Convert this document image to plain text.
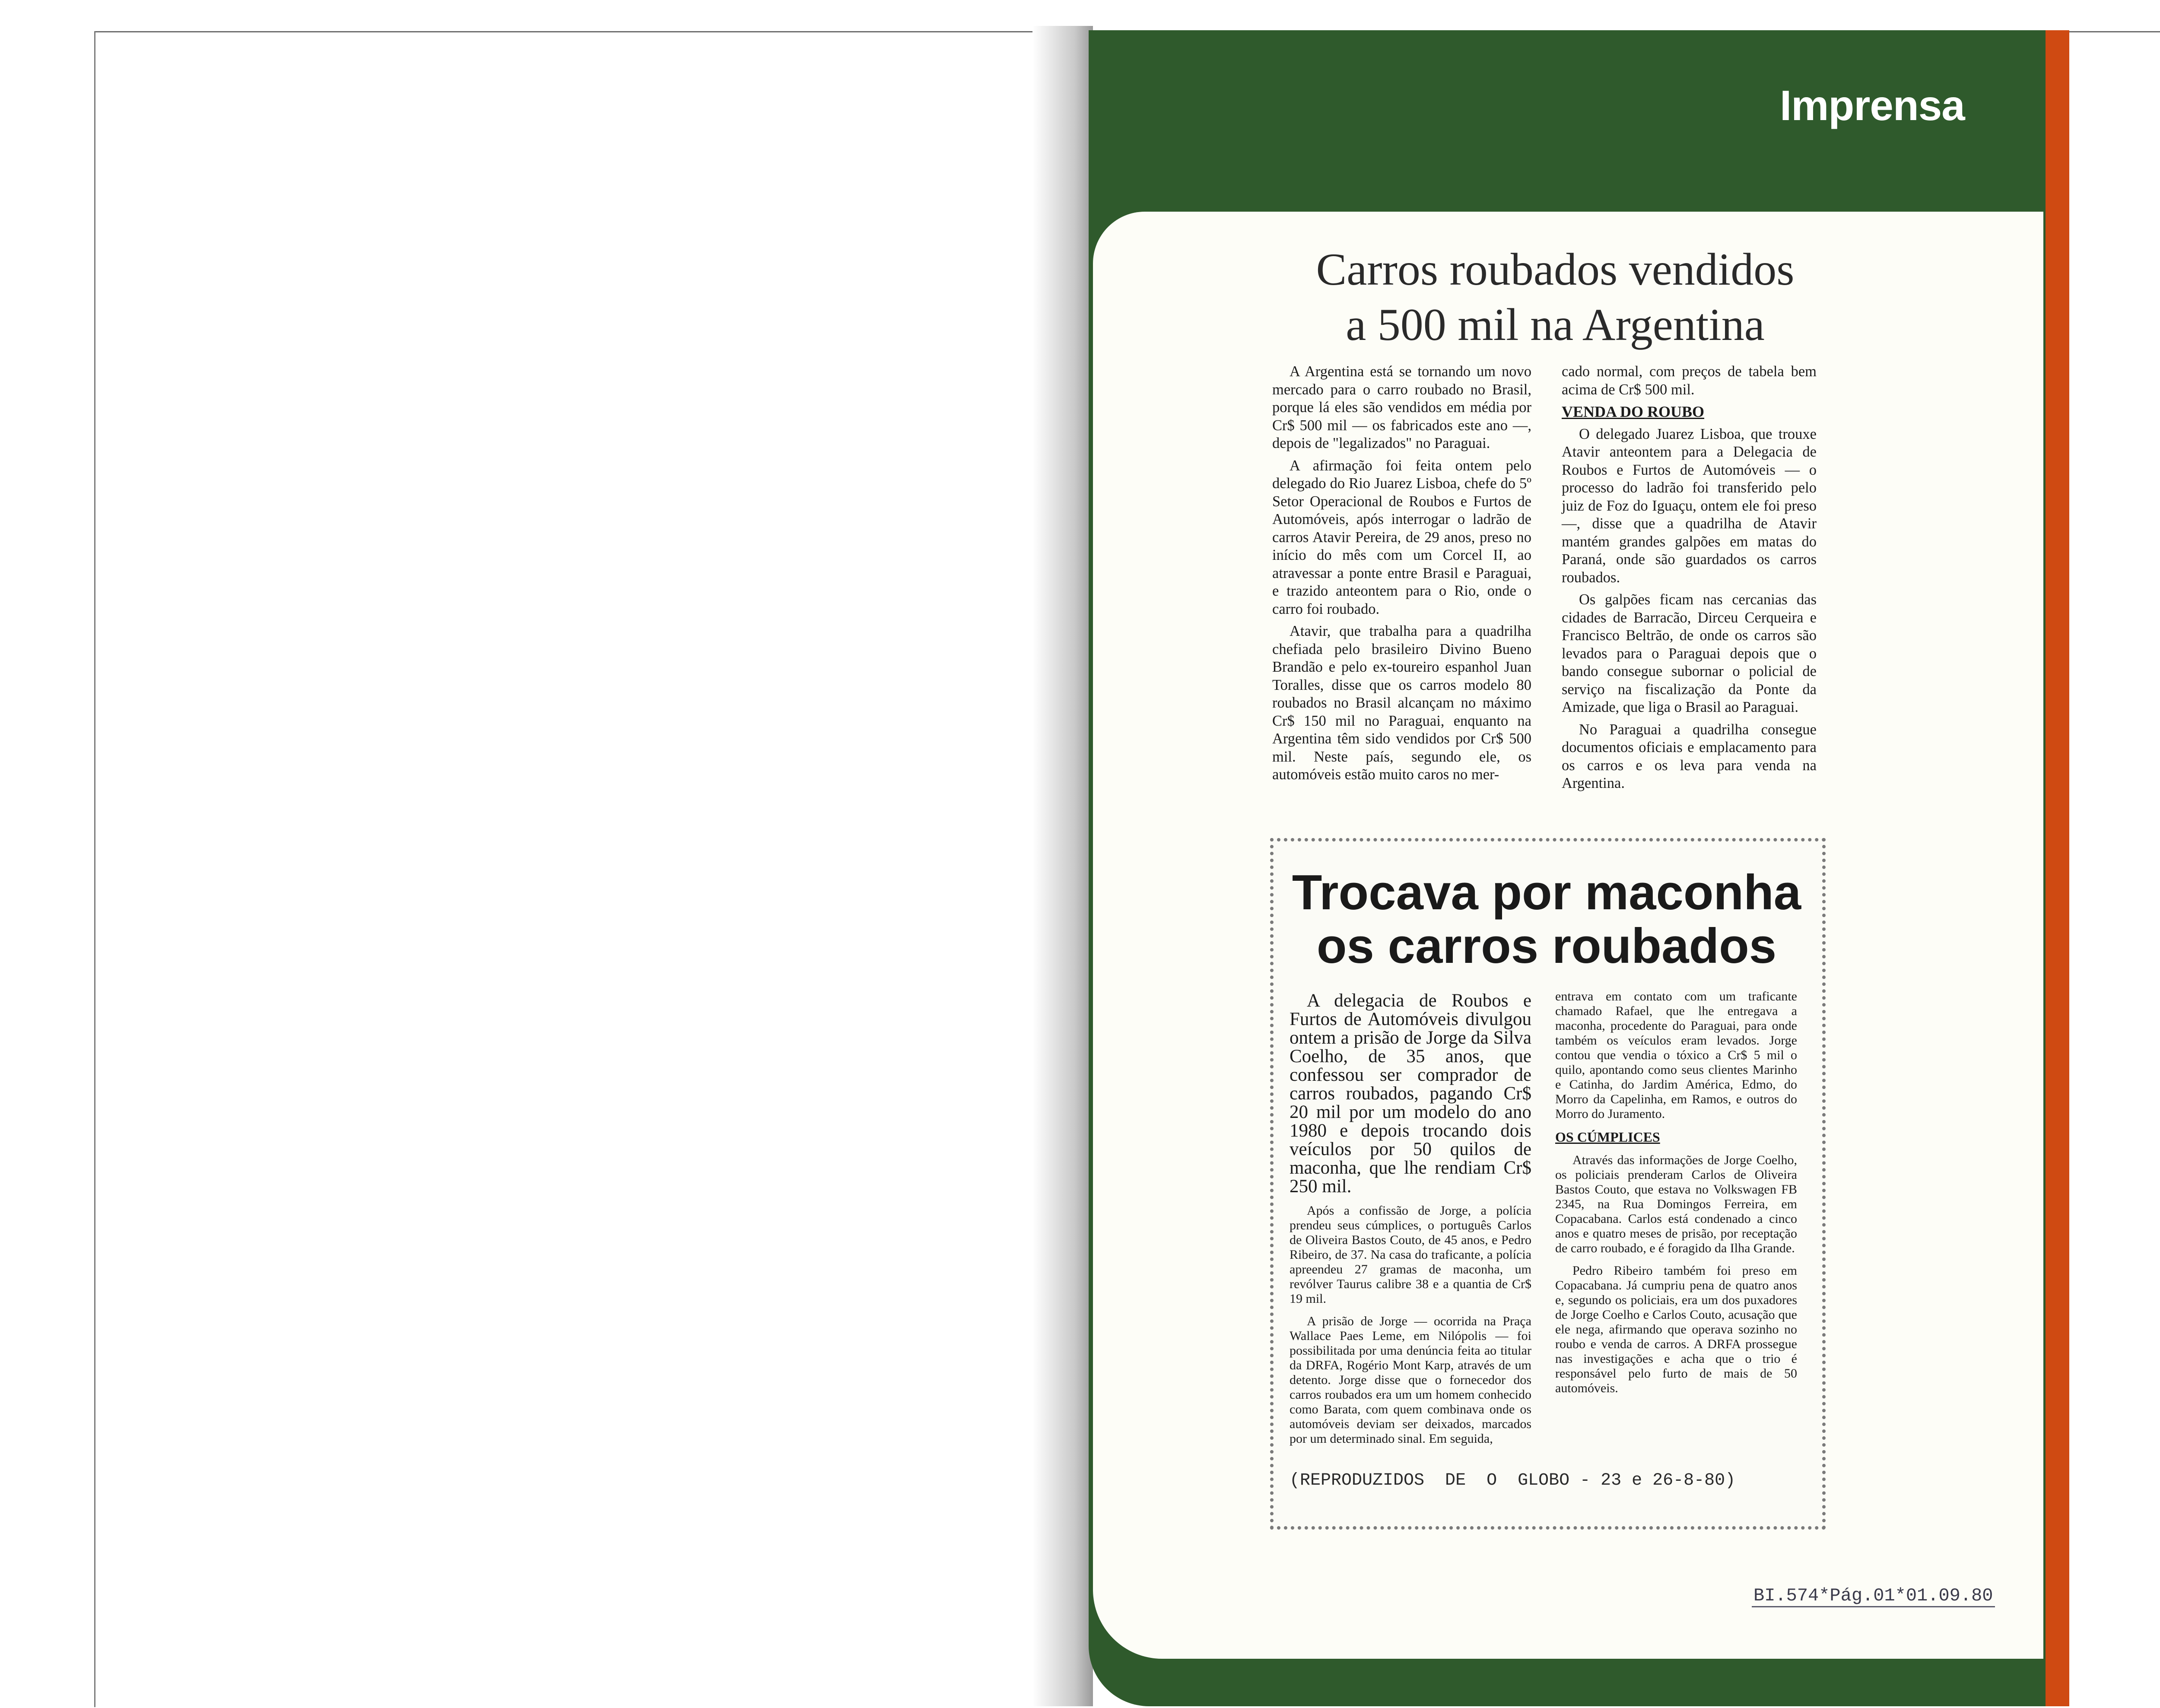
Imprensa
Carros roubados vendidos
a 500 mil na Argentina

A Argentina está se tornando um novo mercado para o carro roubado no Brasil, porque lá eles são vendidos em média por Cr$ 500 mil — os fabricados este ano —, depois de "legalizados" no Paraguai.

A afirmação foi feita ontem pelo delegado do Rio Juarez Lisboa, chefe do 5º Setor Operacional de Roubos e Furtos de Automóveis, após interrogar o ladrão de carros Atavir Pereira, de 29 anos, preso no início do mês com um Corcel II, ao atravessar a ponte entre Brasil e Paraguai, e trazido anteontem para o Rio, onde o carro foi roubado.

Atavir, que trabalha para a quadrilha chefiada pelo brasileiro Divino Bueno Brandão e pelo ex-toureiro espanhol Juan Toralles, disse que os carros modelo 80 roubados no Brasil alcançam no máximo Cr$ 150 mil no Paraguai, enquanto na Argentina têm sido vendidos por Cr$ 500 mil. Neste país, segundo ele, os automóveis estão muito caros no mer-

cado normal, com preços de tabela bem acima de Cr$ 500 mil.

VENDA DO ROUBO

O delegado Juarez Lisboa, que trouxe Atavir anteontem para a Delegacia de Roubos e Furtos de Automóveis — o processo do ladrão foi transferido pelo juiz de Foz do Iguaçu, ontem ele foi preso —, disse que a quadrilha de Atavir mantém grandes galpões em matas do Paraná, onde são guardados os carros roubados.

Os galpões ficam nas cercanias das cidades de Barracão, Dirceu Cerqueira e Francisco Beltrão, de onde os carros são levados para o Paraguai depois que o bando consegue subornar o policial de serviço na fiscalização da Ponte da Amizade, que liga o Brasil ao Paraguai.

No Paraguai a quadrilha consegue documentos oficiais e emplacamento para os carros e os leva para venda na Argentina.

Trocava por maconha
os carros roubados

A delegacia de Roubos e Furtos de Automóveis divulgou ontem a prisão de Jorge da Silva Coelho, de 35 anos, que confessou ser comprador de carros roubados, pagando Cr$ 20 mil por um modelo do ano 1980 e depois trocando dois veículos por 50 quilos de maconha, que lhe rendiam Cr$ 250 mil.

Após a confissão de Jorge, a polícia prendeu seus cúmplices, o português Carlos de Oliveira Bastos Couto, de 45 anos, e Pedro Ribeiro, de 37. Na casa do traficante, a polícia apreendeu 27 gramas de maconha, um revólver Taurus calibre 38 e a quantia de Cr$ 19 mil.

A prisão de Jorge — ocorrida na Praça Wallace Paes Leme, em Nilópolis — foi possibilitada por uma denúncia feita ao titular da DRFA, Rogério Mont Karp, através de um detento. Jorge disse que o fornecedor dos carros roubados era um um homem conhecido como Barata, com quem combinava onde os automóveis deviam ser deixados, marcados por um determinado sinal. Em seguida,

entrava em contato com um traficante chamado Rafael, que lhe entregava a maconha, procedente do Paraguai, para onde também os veículos eram levados. Jorge contou que vendia o tóxico a Cr$ 5 mil o quilo, apontando como seus clientes Marinho e Catinha, do Jardim América, Edmo, do Morro da Capelinha, em Ramos, e outros do Morro do Juramento.

OS CÚMPLICES

Através das informações de Jorge Coelho, os policiais prenderam Carlos de Oliveira Bastos Couto, que estava no Volkswagen FB 2345, na Rua Domingos Ferreira, em Copacabana. Carlos está condenado a cinco anos e quatro meses de prisão, por receptação de carro roubado, e é foragido da Ilha Grande.

Pedro Ribeiro também foi preso em Copacabana. Já cumpriu pena de quatro anos e, segundo os policiais, era um dos puxadores de Jorge Coelho e Carlos Couto, acusação que ele nega, afirmando que operava sozinho no roubo e venda de carros. A DRFA prossegue nas investigações e acha que o trio é responsável pelo furto de mais de 50 automóveis.

(REPRODUZIDOS  DE  O  GLOBO - 23 e 26-8-80)
BI.574*Pág.01*01.09.80
